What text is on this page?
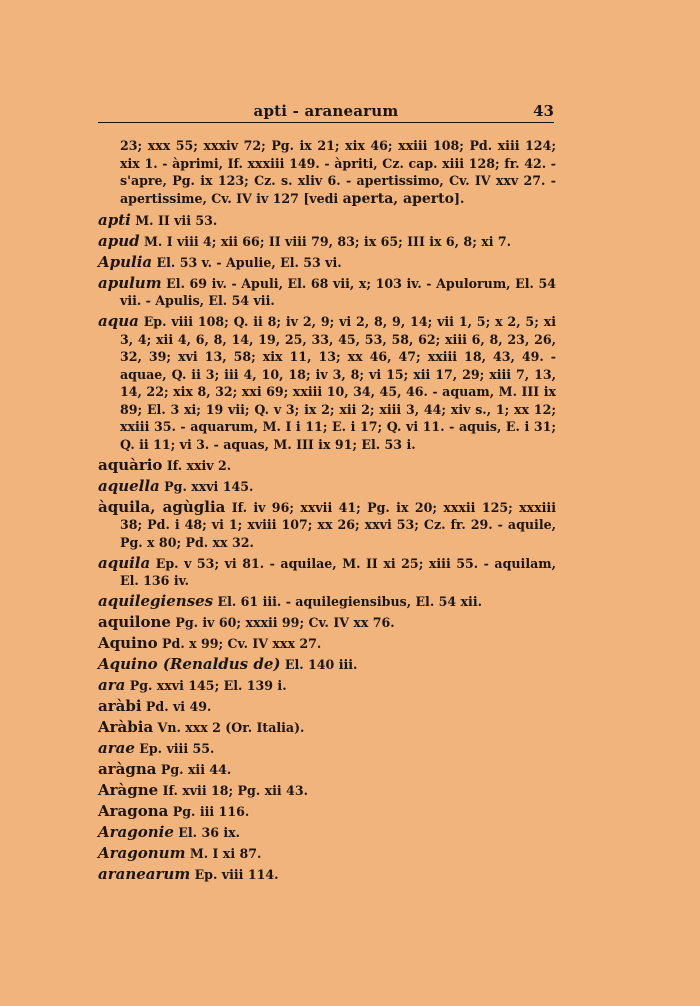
apti - aranearum	43

23; xxx 55; xxxiv 72; Pg. ix 21; xix 46; xxiii 108; Pd. xiii 124; xix 1. - àprimi, If. xxxiii 149. - àpriti, Cz. cap. xiii 128; fr. 42. - s'apre, Pg. ix 123; Cz. s. xliv 6. - apertissimo, Cv. IV xxv 27. - apertissime, Cv. IV iv 127 [vedi aperta, aperto].

apti M. II vii 53.

apud M. I viii 4; xii 66; II viii 79, 83; ix 65; III ix 6, 8; xi 7.

Apulia El. 53 v. - Apulie, El. 53 vi.

apulum El. 69 iv. - Apuli, El. 68 vii, x; 103 iv. - Apulorum, El. 54 vii. - Apulis, El. 54 vii.

aqua Ep. viii 108; Q. ii 8; iv 2, 9; vi 2, 8, 9, 14; vii 1, 5; x 2, 5; xi 3, 4; xii 4, 6, 8, 14, 19, 25, 33, 45, 53, 58, 62; xiii 6, 8, 23, 26, 32, 39; xvi 13, 58; xix 11, 13; xx 46, 47; xxiii 18, 43, 49. - aquae, Q. ii 3; iii 4, 10, 18; iv 3, 8; vi 15; xii 17, 29; xiii 7, 13, 14, 22; xix 8, 32; xxi 69; xxiii 10, 34, 45, 46. - aquam, M. III ix 89; El. 3 xi; 19 vii; Q. v 3; ix 2; xii 2; xiii 3, 44; xiv s., 1; xx 12; xxiii 35. - aquarum, M. I i 11; E. i 17; Q. vi 11. - aquis, E. i 31; Q. ii 11; vi 3. - aquas, M. III ix 91; El. 53 i.

aquàrio If. xxiv 2.

aquella Pg. xxvi 145.

àquila, agùglia If. iv 96; xxvii 41; Pg. ix 20; xxxii 125; xxxiii 38; Pd. i 48; vi 1; xviii 107; xx 26; xxvi 53; Cz. fr. 29. - aquile, Pg. x 80; Pd. xx 32.

aquila Ep. v 53; vi 81. - aquilae, M. II xi 25; xiii 55. - aquilam, El. 136 iv.

aquilegienses El. 61 iii. - aquilegiensibus, El. 54 xii.

aquilone Pg. iv 60; xxxii 99; Cv. IV xx 76.

Aquino Pd. x 99; Cv. IV xxx 27.

Aquino (Renaldus de) El. 140 iii.

ara Pg. xxvi 145; El. 139 i.

aràbi Pd. vi 49.

Aràbia Vn. xxx 2 (Or. Italia).

arae Ep. viii 55.

aràgna Pg. xii 44.

Aràgne If. xvii 18; Pg. xii 43.

Aragona Pg. iii 116.

Aragonie El. 36 ix.

Aragonum M. I xi 87.

aranearum Ep. viii 114.
